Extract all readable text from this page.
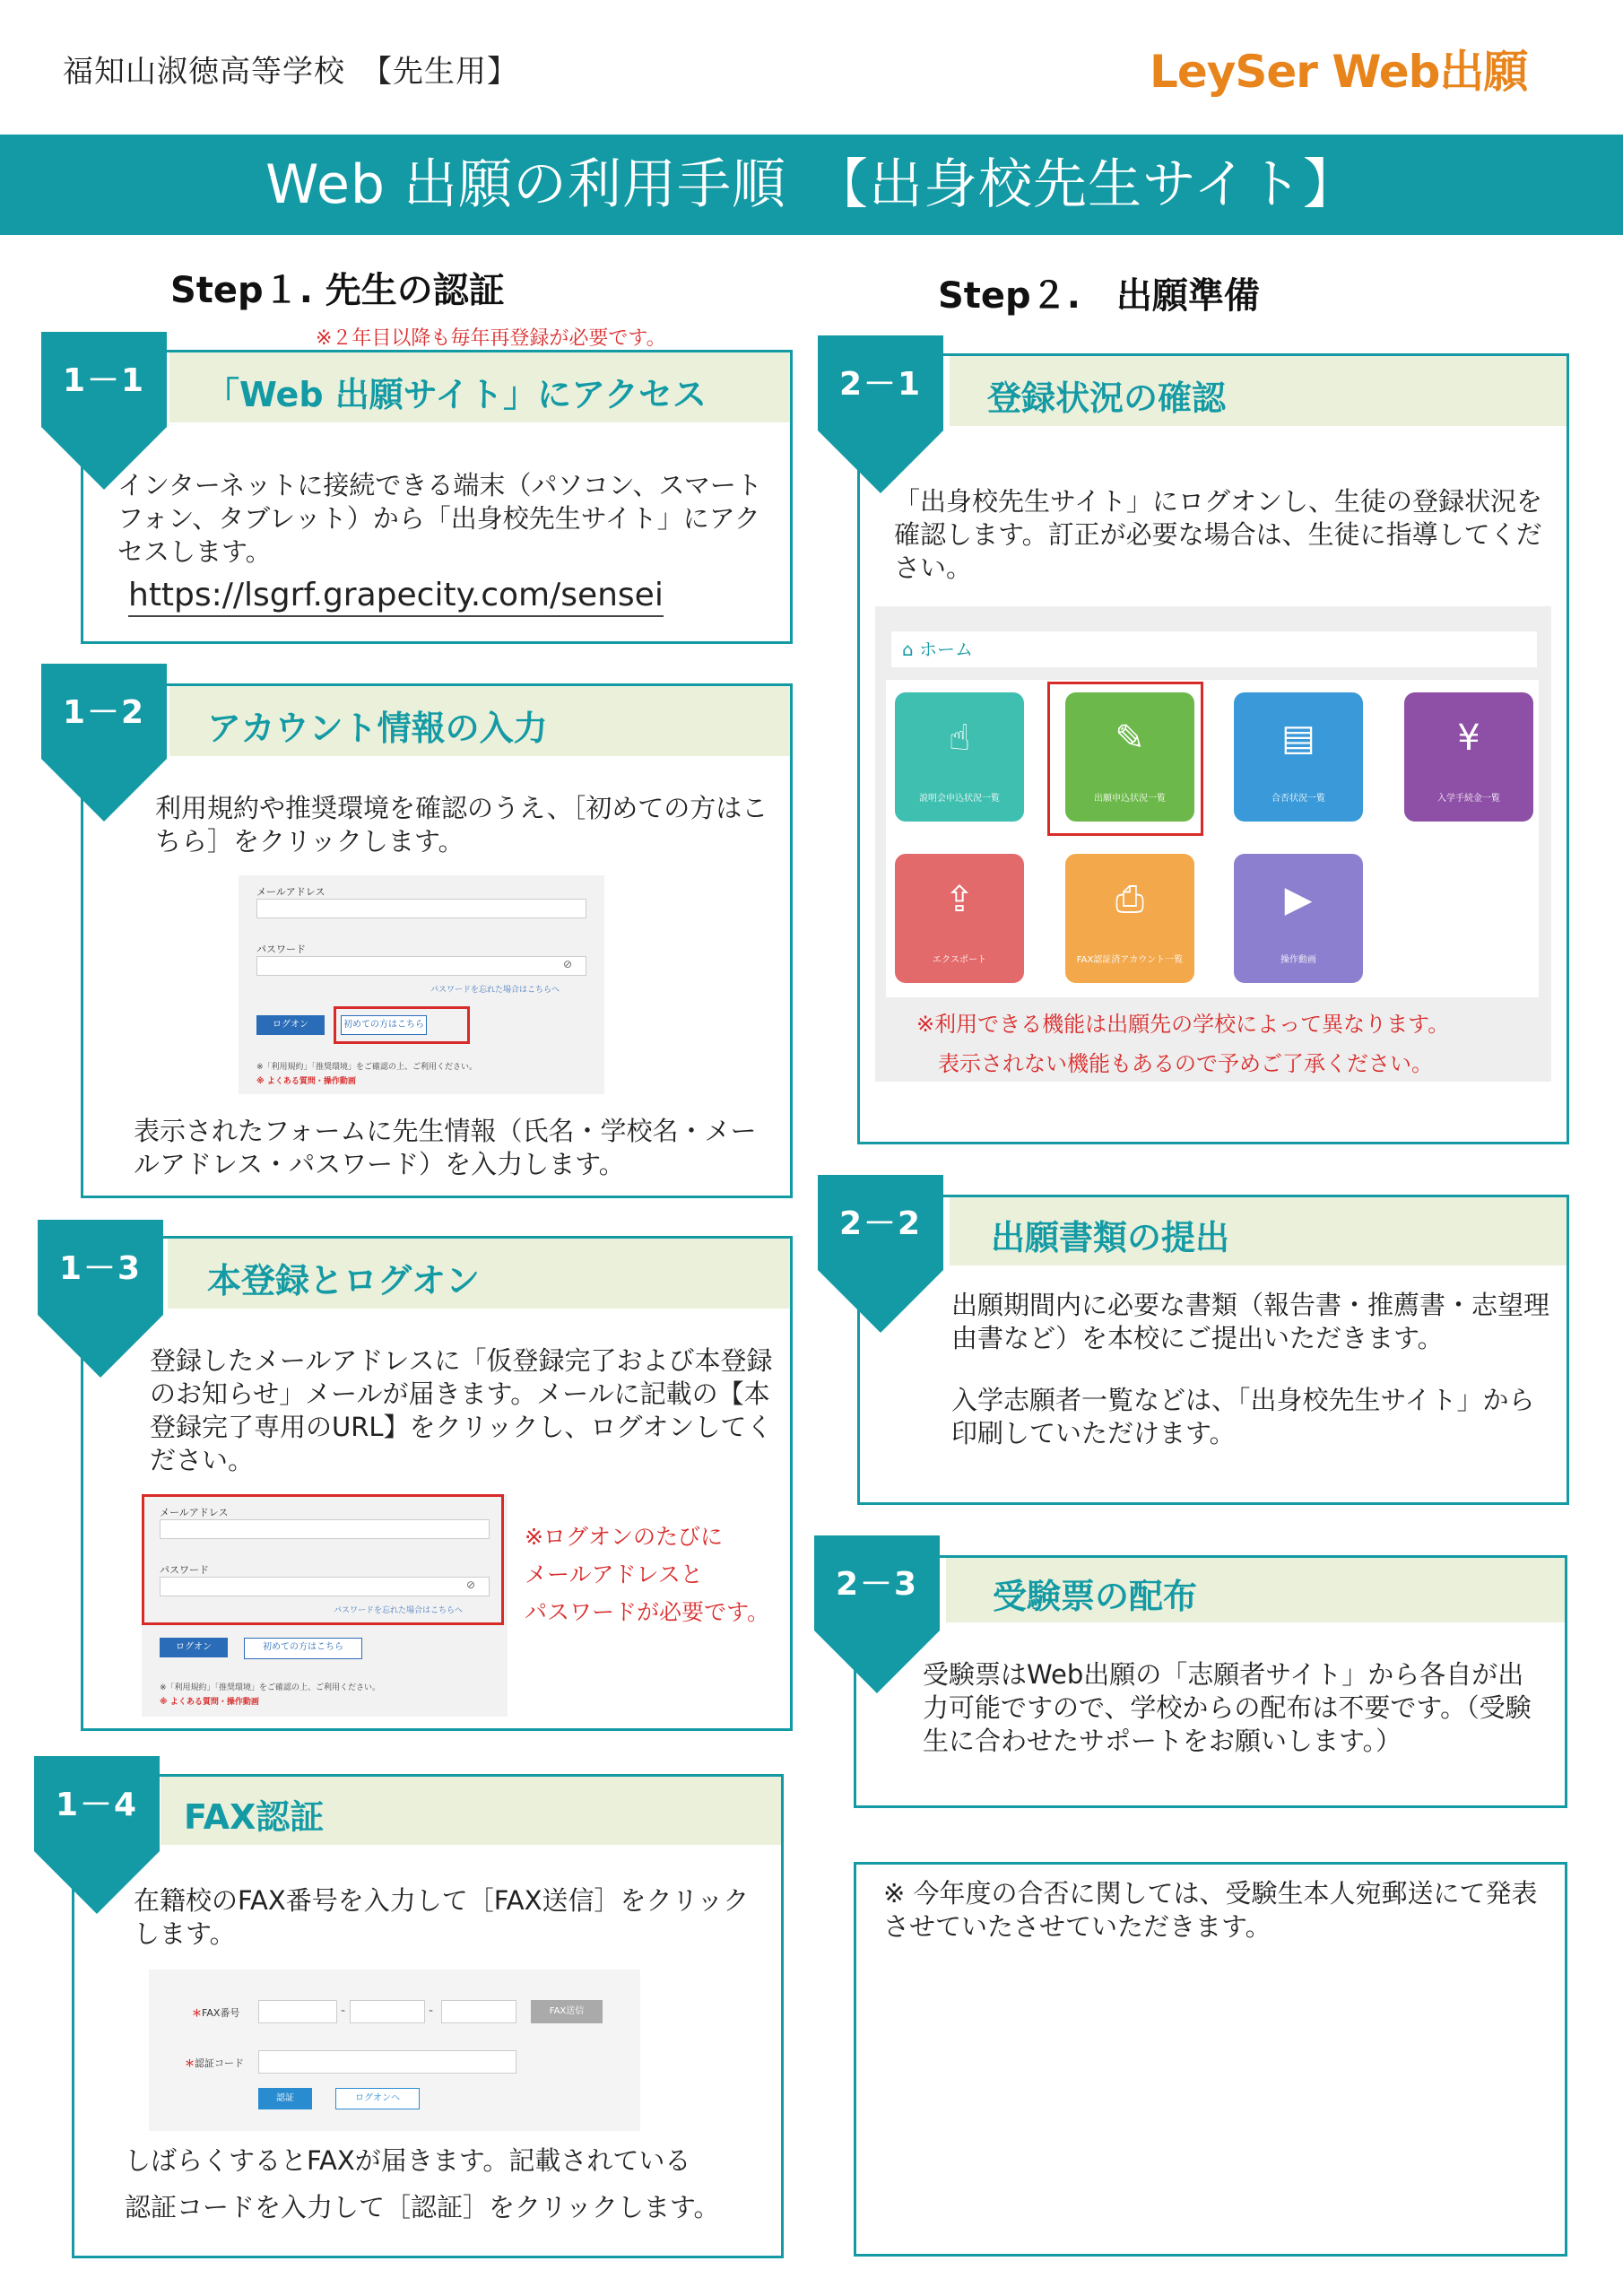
福知山淑徳高等学校　【先生用】	LeySer Web出願
Web 出願の利用手順　【出身校先生サイト】
Step１. 先生の認証
※２年目以降も毎年再登録が必要です。
Step２.　出願準備
「Web 出願サイト」にアクセス
インターネットに接続できる端末（パソコン、スマートフォン、タブレット）から「出身校先生サイト」にアクセスします。
https://lsgrf.grapecity.com/sensei
1－1
アカウント情報の入力
利用規約や推奨環境を確認のうえ、［初めての方はこちら］をクリックします。
表示されたフォームに先生情報（氏名・学校名・メールアドレス・パスワード）を入力します。
1－2
メールアドレス
パスワード
⊘
パスワードを忘れた場合はこちらへ
ログオン	初めての方はこちら
※「利用規約」「推奨環境」をご確認の上、ご利用ください。
※ よくある質問・操作動画
本登録とログオン
登録したメールアドレスに「仮登録完了および本登録のお知らせ」メールが届きます。メールに記載の【本登録完了専用のURL】をクリックし、ログオンしてください。
※ログオンのたびに
メールアドレスと
パスワードが必要です。
1－3
メールアドレス
パスワード
⊘
パスワードを忘れた場合はこちらへ
ログオン	初めての方はこちら
※「利用規約」「推奨環境」をご確認の上、ご利用ください。
※ よくある質問・操作動画
FAX認証
在籍校のFAX番号を入力して［FAX送信］をクリックします。
しばらくするとFAXが届きます。記載されている
認証コードを入力して［認証］をクリックします。
1－4
＊FAX番号	-	-	FAX送信
＊認証コード
認証	ログオンへ
登録状況の確認
「出身校先生サイト」にログオンし、生徒の登録状況を確認します。訂正が必要な場合は、生徒に指導してください。
2－1
⌂ ホーム
☝
説明会申込状況一覧
✎
出願申込状況一覧
▤
合否状況一覧
¥
入学手続金一覧
⇪
エクスポート
⎙
FAX認証済アカウント一覧
▶
操作動画
※利用できる機能は出願先の学校によって異なります。
表示されない機能もあるので予めご了承ください。
出願書類の提出
出願期間内に必要な書類（報告書・推薦書・志望理由書など）を本校にご提出いただきます。
入学志願者一覧などは、「出身校先生サイト」から印刷していただけます。
2－2
受験票の配布
受験票はWeb出願の「志願者サイト」から各自が出力可能ですので、学校からの配布は不要です。（受験生に合わせたサポートをお願いします。）
2－3
※ 今年度の合否に関しては、受験生本人宛郵送にて発表させていたさせていただきます。
